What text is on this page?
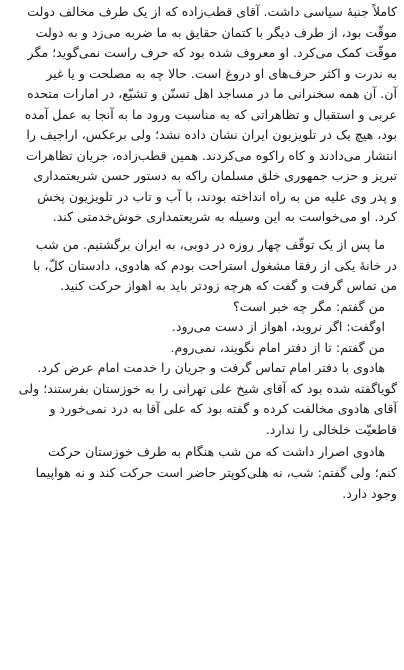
کاملاً جنبۀ سیاسی داشت. آقای قطب‌زاده که از یک طرف مخالف دولت

موقّت بود، از طرف دیگر با کتمان حقایق به ما ضربه می‌زد و به دولت

موقّت کمک می‌کرد. او معروف شده بود که حرف راست نمی‌گوید؛ مگر

به ندرت و اکثر حرف‌های او دروغ است. حالا چه به مصلحت و یا غیر

آن. آن همه سخنرانی ما در مساجد اهل تسنّن و تشیّع، در امارات متحده

عربی و استقبال و تظاهراتی که به مناسبت ورود ما به آنجا به عمل آمده

بود، هیچ یک در تلویزیون ایران نشان داده نشد؛ ولی برعکس، اراجیف را

انتشار می‌دادند و کاه راکوه می‌کردند. همین قطب‌زاده، جریان تظاهرات

تبریز و حزب جمهوری خلق مسلمان راکه به دستور حسن شریعتمداری

و پدر وی علیه من به راه انداخته بودند، با آب و تاب در تلویزیون پخش

کرد. او می‌خواست به این وسیله به شریعتمداری خوش‌خدمتی کند.

ما پس از یک توقّف چهار روزه در دوبی، به ایران برگشتیم. من شب

در خانۀ یکی از رفقا مشغول استراحت بودم که هادوی، دادستان کلّ، با

من تماس گرفت و گفت که هرچه زودتر باید به اهواز حرکت کنید.

من گفتم: مگر چه خبر است؟

اوگفت: اگر نروید، اهواز از دست می‌رود.

من گفتم: تا از دفتر امام نگویند، نمی‌روم.

هادوی با دفتر امام تماس گرفت و جریان را خدمت امام عرض کرد.

گویاگفته شده بود که آقای شیخ علی تهرانی را به خوزستان بفرستند؛ ولی

آقای هادوی مخالفت کرده و گفته بود که علی آقا به درد نمی‌خورد و

قاطعیّت خلخالی را ندارد.

هادوی اصرار داشت که من شب هنگام به طرف خوزستان حرکت

کنم؛ ولی گفتم: شب، نه هلی‌کوپتر حاضر است حرکت کند و نه هواپیما

وجود دارد.
